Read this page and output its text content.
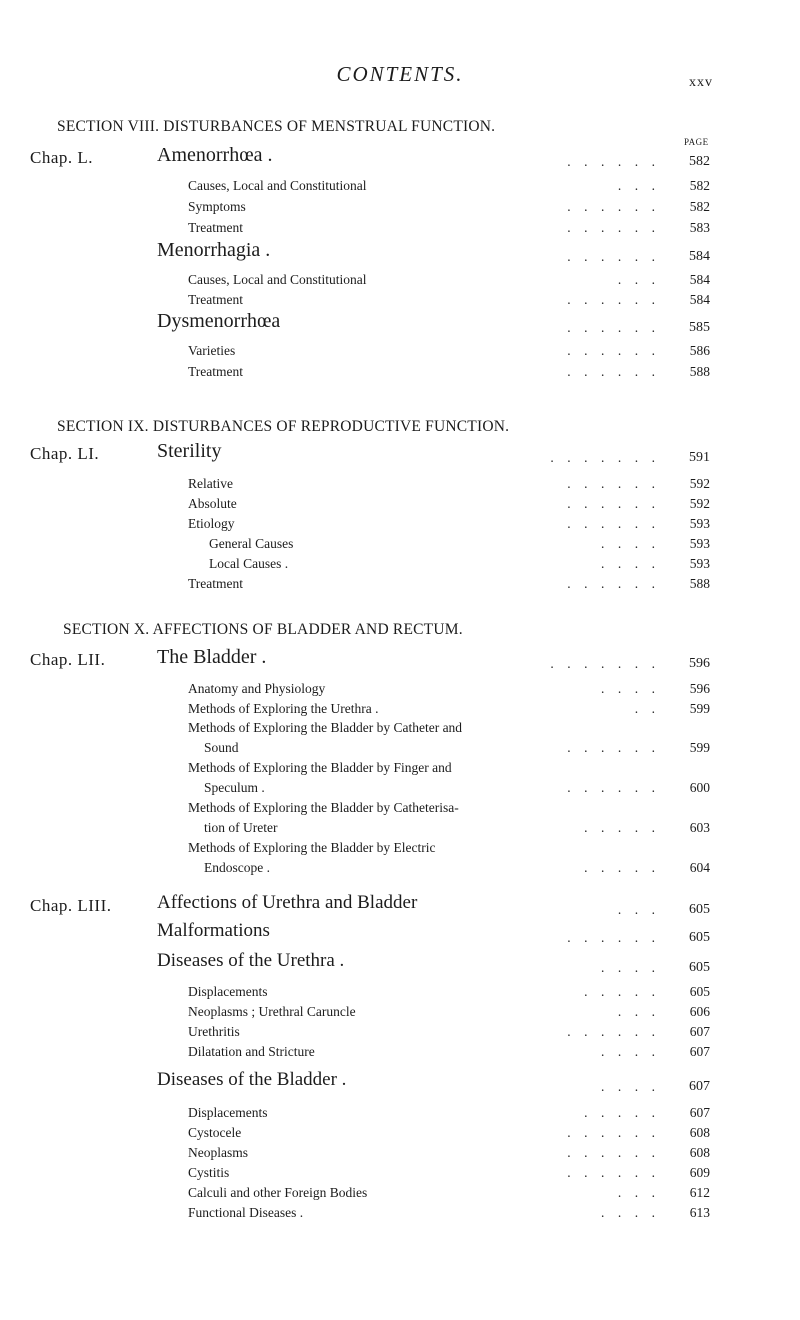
CONTENTS.	xxv
PAGE
SECTION VIII. DISTURBANCES OF MENSTRUAL FUNCTION.
Chap. L.	Amenorrhœa .	.    .    .    .    .    .	582
Causes, Local and Constitutional	.    .    .	582
Symptoms	.    .    .    .    .    .	582
Treatment	.    .    .    .    .    .	583
Menorrhagia .	.    .    .    .    .    .	584
Causes, Local and Constitutional	.    .    .	584
Treatment	.    .    .    .    .    .	584
Dysmenorrhœa	.    .    .    .    .    .	585
Varieties	.    .    .    .    .    .	586
Treatment	.    .    .    .    .    .	588
SECTION IX. DISTURBANCES OF REPRODUCTIVE FUNCTION.
Chap. LI.	Sterility	.    .    .    .    .    .    .	591
Relative	.    .    .    .    .    .	592
Absolute	.    .    .    .    .    .	592
Etiology	.    .    .    .    .    .	593
General Causes	.    .    .    .	593
Local Causes .	.    .    .    .	593
Treatment	.    .    .    .    .    .	588
SECTION X. AFFECTIONS OF BLADDER AND RECTUM.
Chap. LII.	The Bladder .	.    .    .    .    .    .    .	596
Anatomy and Physiology	.    .    .    .	596
Methods of Exploring the Urethra .	.    .	599
Methods of Exploring the Bladder by Catheter and
Sound	.    .    .    .    .    .	599
Methods of Exploring the Bladder by Finger and
Speculum .	.    .    .    .    .    .	600
Methods of Exploring the Bladder by Catheterisa-
tion of Ureter	.    .    .    .    .	603
Methods of Exploring the Bladder by Electric
Endoscope .	.    .    .    .    .	604
Chap. LIII. Affections of Urethra and Bladder	.    .    .	605
Malformations	.    .    .    .    .    .	605
Diseases of the Urethra .	.    .    .    .	605
Displacements	.    .    .    .    .	605
Neoplasms ; Urethral Caruncle	.    .    .	606
Urethritis	.    .    .    .    .    .	607
Dilatation and Stricture	.    .    .    .	607
Diseases of the Bladder .	.    .    .    .	607
Displacements	.    .    .    .    .	607
Cystocele	.    .    .    .    .    .	608
Neoplasms	.    .    .    .    .    .	608
Cystitis	.    .    .    .    .    .	609
Calculi and other Foreign Bodies	.    .    .	612
Functional Diseases .	.    .    .    .	613
